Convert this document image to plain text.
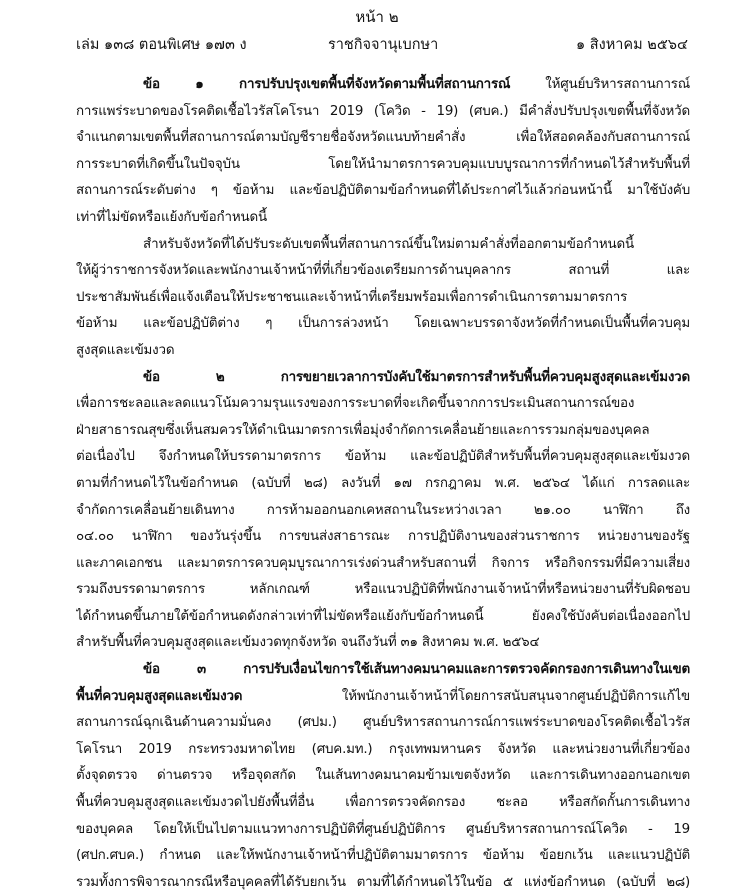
หน้า ๒
เล่ม ๑๓๘ ตอนพิเศษ ๑๗๓ ง	ราชกิจจานุเบกษา	๑ สิงหาคม ๒๕๖๔

ข้อ ๑ การปรับปรุงเขตพื้นที่จังหวัดตามพื้นที่สถานการณ์	ให้ศูนย์บริหารสถานการณ์
การแพร่ระบาดของโรคติดเชื้อไวรัสโคโรนา 2019 (โควิด - 19) (ศบค.) มีคำสั่งปรับปรุงเขตพื้นที่จังหวัด
จำแนกตามเขตพื้นที่สถานการณ์ตามบัญชีรายชื่อจังหวัดแนบท้ายคำสั่ง เพื่อให้สอดคล้องกับสถานการณ์
การระบาดที่เกิดขึ้นในปัจจุบัน โดยให้นำมาตรการควบคุมแบบบูรณาการที่กำหนดไว้สำหรับพื้นที่
สถานการณ์ระดับต่าง ๆ ข้อห้าม และข้อปฏิบัติตามข้อกำหนดที่ได้ประกาศไว้แล้วก่อนหน้านี้ มาใช้บังคับ
เท่าที่ไม่ขัดหรือแย้งกับข้อกำหนดนี้

สำหรับจังหวัดที่ได้ปรับระดับเขตพื้นที่สถานการณ์ขึ้นใหม่ตามคำสั่งที่ออกตามข้อกำหนดนี้
ให้ผู้ว่าราชการจังหวัดและพนักงานเจ้าหน้าที่ที่เกี่ยวข้องเตรียมการด้านบุคลากร สถานที่ และ
ประชาสัมพันธ์เพื่อแจ้งเตือนให้ประชาชนและเจ้าหน้าที่เตรียมพร้อมเพื่อการดำเนินการตามมาตรการ
ข้อห้าม และข้อปฏิบัติต่าง ๆ เป็นการล่วงหน้า โดยเฉพาะบรรดาจังหวัดที่กำหนดเป็นพื้นที่ควบคุม
สูงสุดและเข้มงวด

ข้อ ๒ การขยายเวลาการบังคับใช้มาตรการสำหรับพื้นที่ควบคุมสูงสุดและเข้มงวด
เพื่อการชะลอและลดแนวโน้มความรุนแรงของการระบาดที่จะเกิดขึ้นจากการประเมินสถานการณ์ของ
ฝ่ายสาธารณสุขซึ่งเห็นสมควรให้ดำเนินมาตรการเพื่อมุ่งจำกัดการเคลื่อนย้ายและการรวมกลุ่มของบุคคล
ต่อเนื่องไป จึงกำหนดให้บรรดามาตรการ ข้อห้าม และข้อปฏิบัติสำหรับพื้นที่ควบคุมสูงสุดและเข้มงวด
ตามที่กำหนดไว้ในข้อกำหนด (ฉบับที่ ๒๘) ลงวันที่ ๑๗ กรกฎาคม พ.ศ. ๒๕๖๔ ได้แก่ การลดและ
จำกัดการเคลื่อนย้ายเดินทาง การห้ามออกนอกเคหสถานในระหว่างเวลา ๒๑.๐๐ นาฬิกา ถึง
๐๔.๐๐ นาฬิกา ของวันรุ่งขึ้น การขนส่งสาธารณะ การปฏิบัติงานของส่วนราชการ หน่วยงานของรัฐ
และภาคเอกชน และมาตรการควบคุมบูรณาการเร่งด่วนสำหรับสถานที่ กิจการ หรือกิจกรรมที่มีความเสี่ยง
รวมถึงบรรดามาตรการ หลักเกณฑ์ หรือแนวปฏิบัติที่พนักงานเจ้าหน้าที่หรือหน่วยงานที่รับผิดชอบ
ได้กำหนดขึ้นภายใต้ข้อกำหนดดังกล่าวเท่าที่ไม่ขัดหรือแย้งกับข้อกำหนดนี้ ยังคงใช้บังคับต่อเนื่องออกไป
สำหรับพื้นที่ควบคุมสูงสุดและเข้มงวดทุกจังหวัด จนถึงวันที่ ๓๑ สิงหาคม พ.ศ. ๒๕๖๔

ข้อ ๓ การปรับเงื่อนไขการใช้เส้นทางคมนาคมและการตรวจคัดกรองการเดินทางในเขต
พื้นที่ควบคุมสูงสุดและเข้มงวด	ให้พนักงานเจ้าหน้าที่โดยการสนับสนุนจากศูนย์ปฏิบัติการแก้ไข
สถานการณ์ฉุกเฉินด้านความมั่นคง (ศปม.) ศูนย์บริหารสถานการณ์การแพร่ระบาดของโรคติดเชื้อไวรัส
โคโรนา 2019 กระทรวงมหาดไทย (ศบค.มท.) กรุงเทพมหานคร จังหวัด และหน่วยงานที่เกี่ยวข้อง
ตั้งจุดตรวจ ด่านตรวจ หรือจุดสกัด ในเส้นทางคมนาคมข้ามเขตจังหวัด และการเดินทางออกนอกเขต
พื้นที่ควบคุมสูงสุดและเข้มงวดไปยังพื้นที่อื่น เพื่อการตรวจคัดกรอง ชะลอ หรือสกัดกั้นการเดินทาง
ของบุคคล โดยให้เป็นไปตามแนวทางการปฏิบัติที่ศูนย์ปฏิบัติการ ศูนย์บริหารสถานการณ์โควิด - 19
(ศปก.ศบค.) กำหนด และให้พนักงานเจ้าหน้าที่ปฏิบัติตามมาตรการ ข้อห้าม ข้อยกเว้น และแนวปฏิบัติ
รวมทั้งการพิจารณากรณีหรือบุคคลที่ได้รับยกเว้น ตามที่ได้กำหนดไว้ในข้อ ๕ แห่งข้อกำหนด (ฉบับที่ ๒๘)
